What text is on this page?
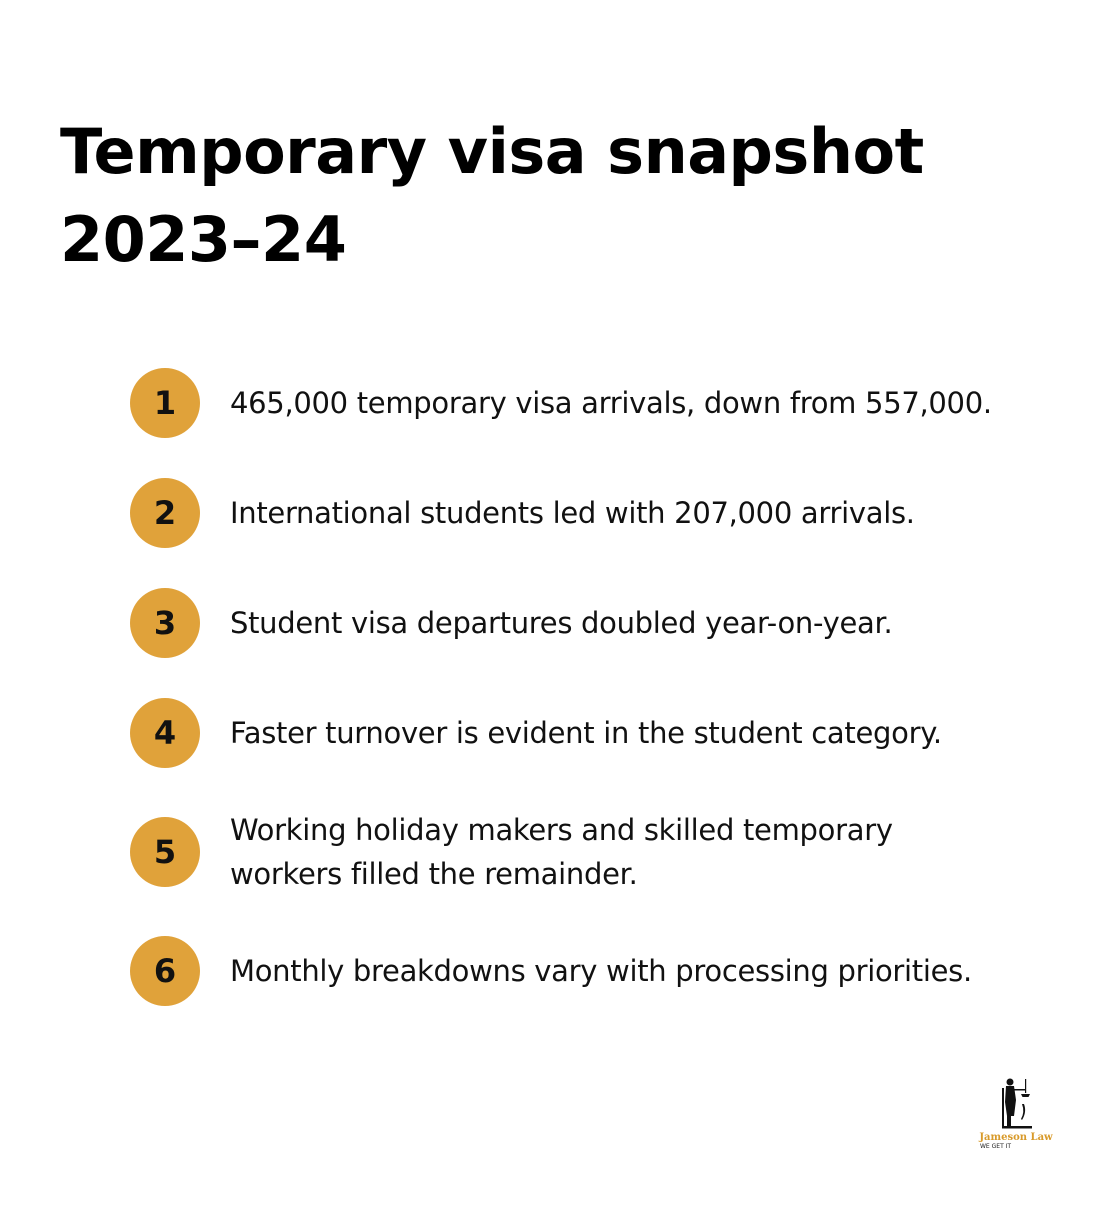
Temporary visa snapshot 2023–24
1	465,000 temporary visa arrivals, down from 557,000.
2	International students led with 207,000 arrivals.
3	Student visa departures doubled year-on-year.
4	Faster turnover is evident in the student category.
5
Working holiday makers and skilled temporary workers filled the remainder.
6	Monthly breakdowns vary with processing priorities.
Jameson Law
WE GET IT
